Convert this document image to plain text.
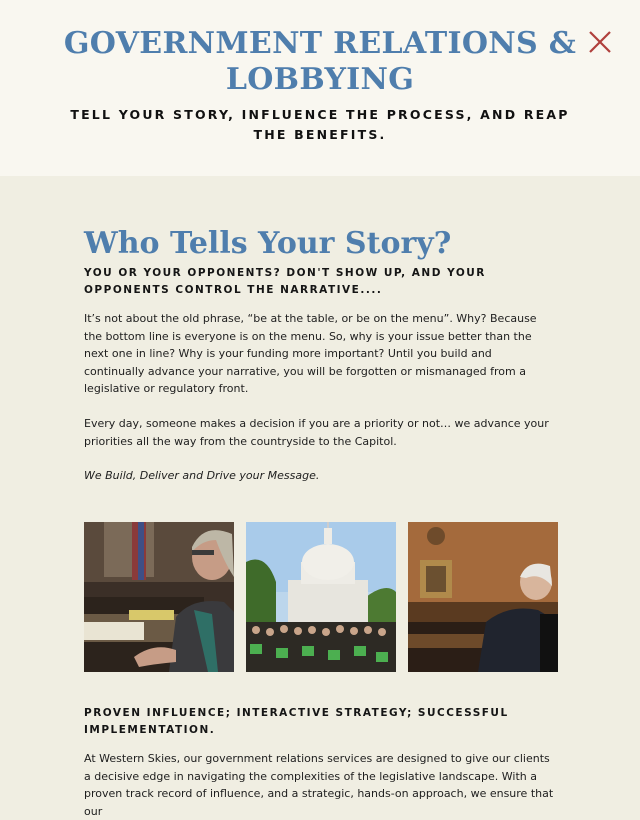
GOVERNMENT RELATIONS & LOBBYING

TELL YOUR STORY, INFLUENCE THE PROCESS, AND REAP THE BENEFITS.

Who Tells Your Story?

YOU OR YOUR OPPONENTS? DON'T SHOW UP, AND YOUR OPPONENTS CONTROL THE NARRATIVE....

It’s not about the old phrase, “be at the table, or be on the menu”. Why? Because the bottom line is everyone is on the menu. So, why is your issue better than the next one in line? Why is your funding more important? Until you build and continually advance your narrative, you will be forgotten or mismanaged from a legislative or regulatory front.

Every day, someone makes a decision if you are a priority or not… we advance your priorities all the way from the countryside to the Capitol.

We Build, Deliver and Drive your Message.

PROVEN INFLUENCE; INTERACTIVE STRATEGY; SUCCESSFUL IMPLEMENTATION.

At Western Skies, our government relations services are designed to give our clients a decisive edge in navigating the complexities of the legislative landscape. With a proven track record of influence, and a strategic, hands-on approach, we ensure that our
